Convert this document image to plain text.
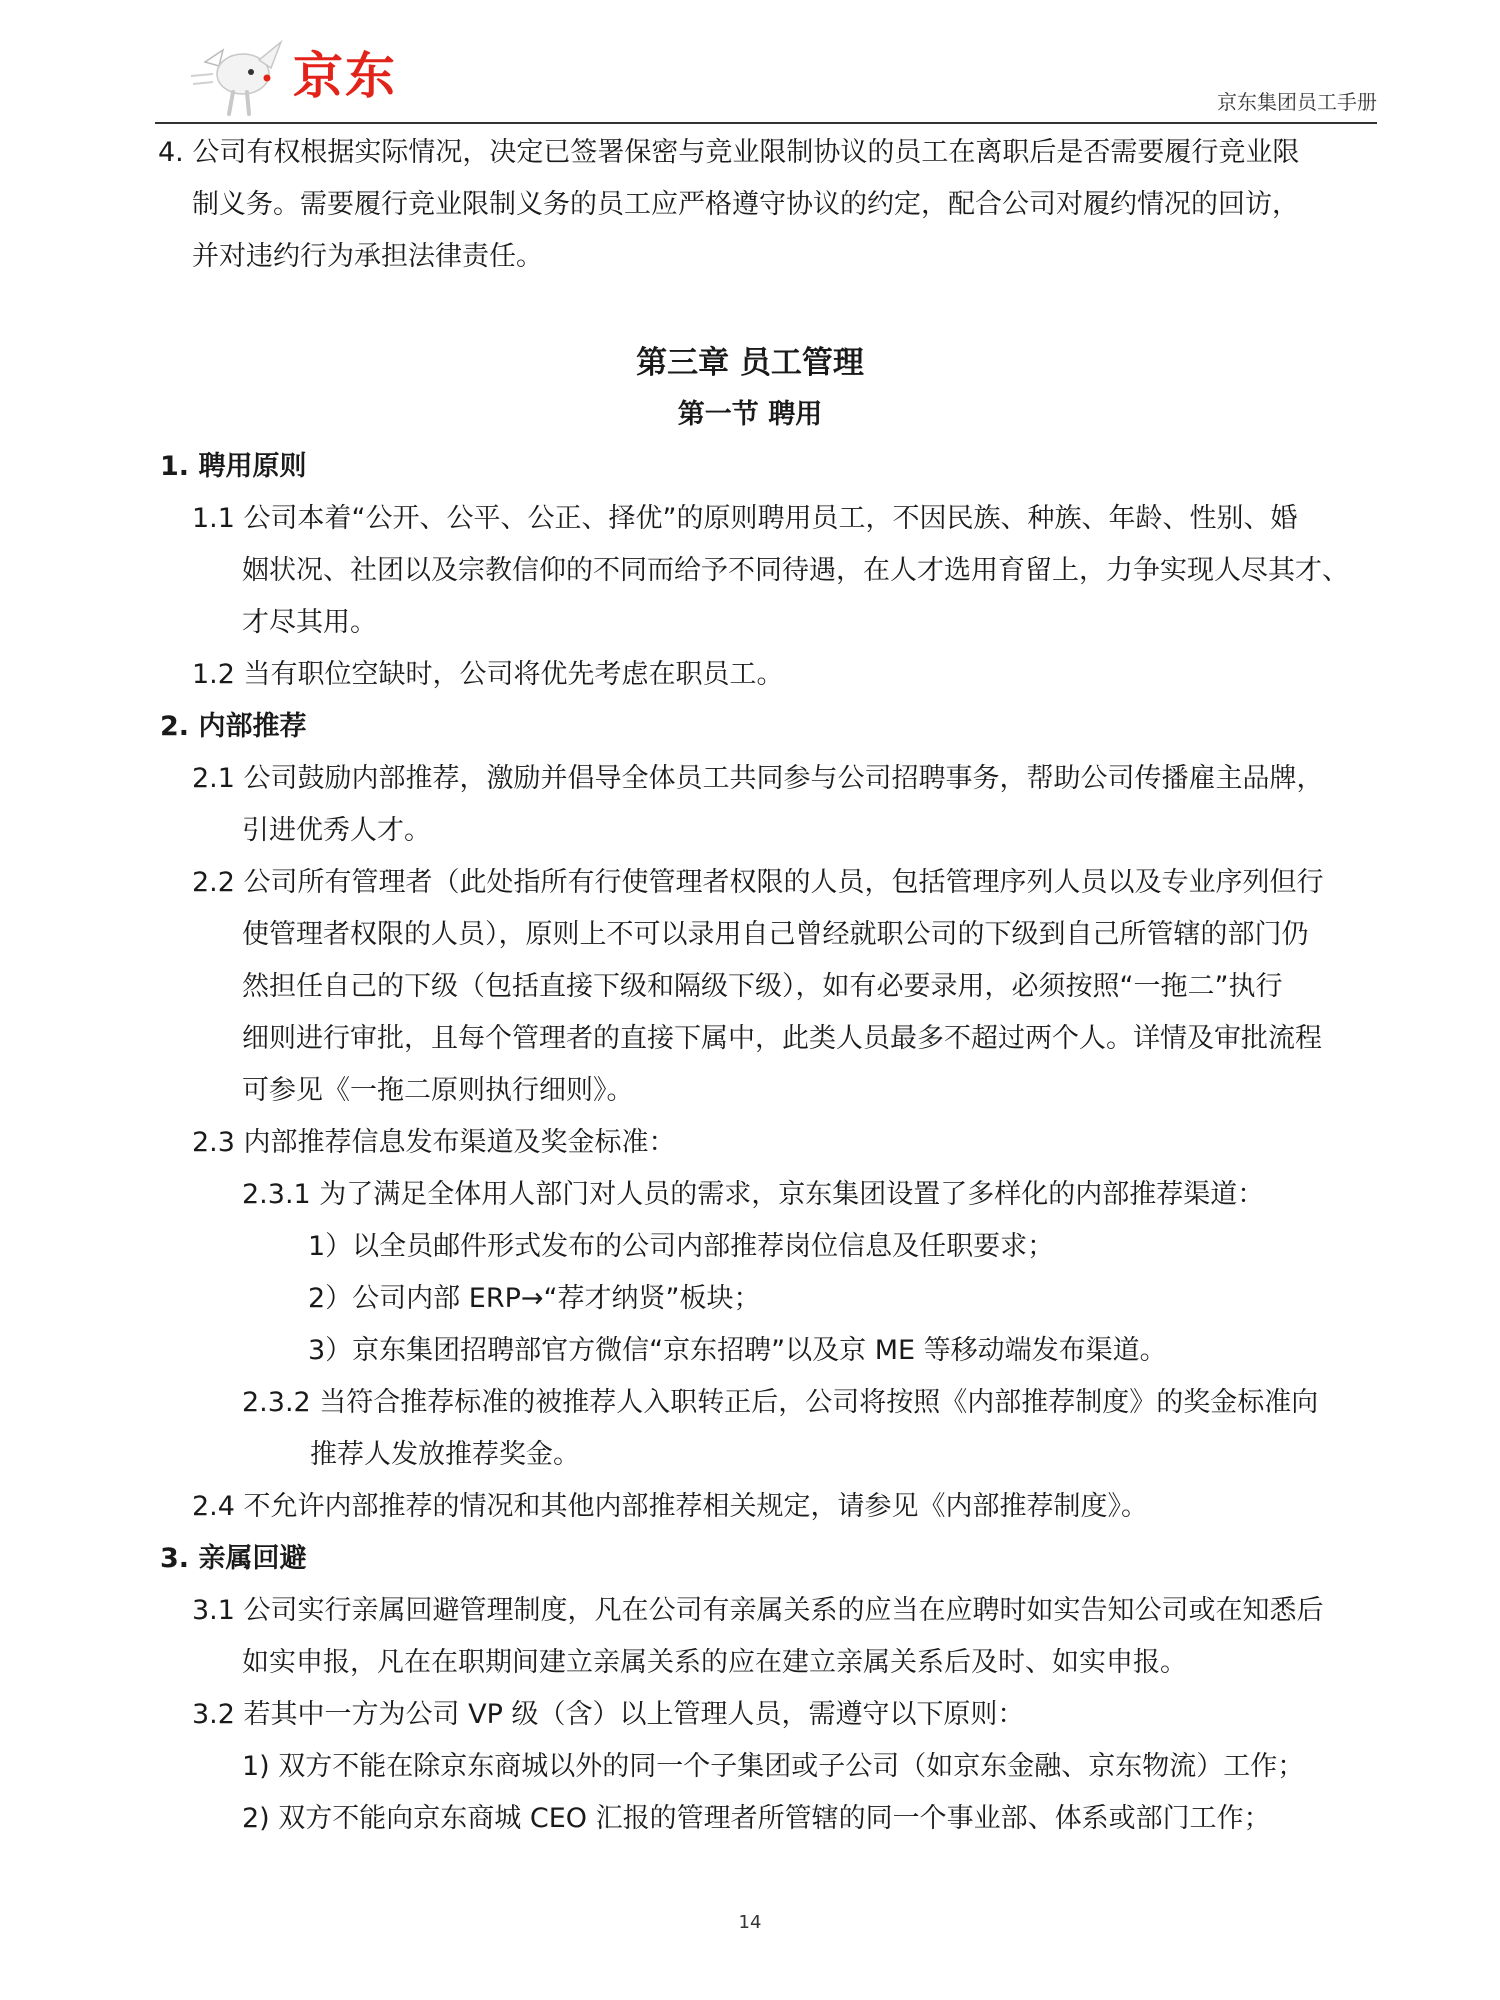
京东	京东集团员工手册
4. 公司有权根据实际情况，决定已签署保密与竞业限制协议的员工在离职后是否需要履行竞业限
制义务。需要履行竞业限制义务的员工应严格遵守协议的约定，配合公司对履约情况的回访，
并对违约行为承担法律责任。
第三章 员工管理
第一节 聘用
1. 聘用原则
1.1 公司本着“公开、公平、公正、择优”的原则聘用员工，不因民族、种族、年龄、性别、婚
姻状况、社团以及宗教信仰的不同而给予不同待遇，在人才选用育留上，力争实现人尽其才、
才尽其用。
1.2 当有职位空缺时，公司将优先考虑在职员工。
2. 内部推荐
2.1 公司鼓励内部推荐，激励并倡导全体员工共同参与公司招聘事务，帮助公司传播雇主品牌，
引进优秀人才。
2.2 公司所有管理者（此处指所有行使管理者权限的人员，包括管理序列人员以及专业序列但行
使管理者权限的人员），原则上不可以录用自己曾经就职公司的下级到自己所管辖的部门仍
然担任自己的下级（包括直接下级和隔级下级），如有必要录用，必须按照“一拖二”执行
细则进行审批，且每个管理者的直接下属中，此类人员最多不超过两个人。详情及审批流程
可参见《一拖二原则执行细则》。
2.3 内部推荐信息发布渠道及奖金标准：
2.3.1 为了满足全体用人部门对人员的需求，京东集团设置了多样化的内部推荐渠道：
1）以全员邮件形式发布的公司内部推荐岗位信息及任职要求；
2）公司内部 ERP→“荐才纳贤”板块；
3）京东集团招聘部官方微信“京东招聘”以及京 ME 等移动端发布渠道。
2.3.2 当符合推荐标准的被推荐人入职转正后，公司将按照《内部推荐制度》的奖金标准向
推荐人发放推荐奖金。
2.4 不允许内部推荐的情况和其他内部推荐相关规定，请参见《内部推荐制度》。
3. 亲属回避
3.1 公司实行亲属回避管理制度，凡在公司有亲属关系的应当在应聘时如实告知公司或在知悉后
如实申报，凡在在职期间建立亲属关系的应在建立亲属关系后及时、如实申报。
3.2 若其中一方为公司 VP 级（含）以上管理人员，需遵守以下原则：
1) 双方不能在除京东商城以外的同一个子集团或子公司（如京东金融、京东物流）工作；
2) 双方不能向京东商城 CEO 汇报的管理者所管辖的同一个事业部、体系或部门工作；
14
